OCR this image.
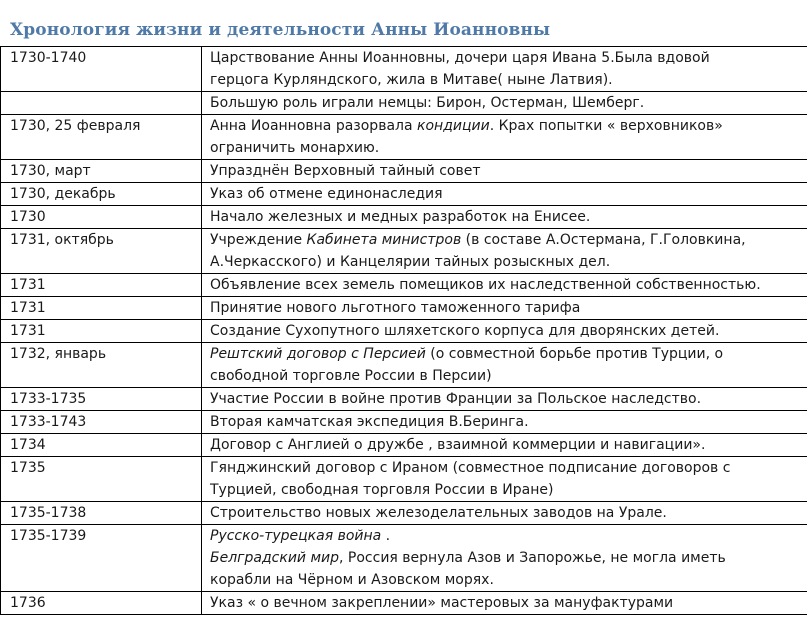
Хронология жизни и деятельности Анны Иоанновны
1730-1740	Царствование Анны Иоанновны, дочери царя Ивана 5.Была вдовой
герцога Курляндского, жила в Митаве( ныне Латвия).

	Большую роль играли немцы: Бирон, Остерман, Шемберг.

1730, 25 февраля	Анна Иоанновна разорвала кондиции. Крах попытки « верховников»
ограничить монархию.

1730, март	Упразднён Верховный тайный совет

1730, декабрь	Указ об отмене единонаследия

1730	Начало железных и медных разработок на Енисее.

1731, октябрь	Учреждение Кабинета министров (в составе А.Остермана, Г.Головкина,
А.Черкасского) и Канцелярии тайных розыскных дел.

1731	Объявление всех земель помещиков их наследственной собственностью.

1731	Принятие нового льготного таможенного тарифа

1731	Создание Сухопутного шляхетского корпуса для дворянских детей.

1732, январь	Рештский договор с Персией (о совместной борьбе против Турции, о
свободной торговле России в Персии)

1733-1735	Участие России в войне против Франции за Польское наследство.

1733-1743	Вторая камчатская экспедиция В.Беринга.

1734	Договор с Англией о дружбе , взаимной коммерции и навигации».

1735	Гянджинский договор с Ираном (совместное подписание договоров с
Турцией, свободная торговля России в Иране)

1735-1738	Строительство новых железоделательных заводов на Урале.

1735-1739	Русско-турецкая война .
Белградский мир, Россия вернула Азов и Запорожье, не могла иметь
корабли на Чёрном и Азовском морях.

1736	Указ « о вечном закреплении» мастеровых за мануфактурами
